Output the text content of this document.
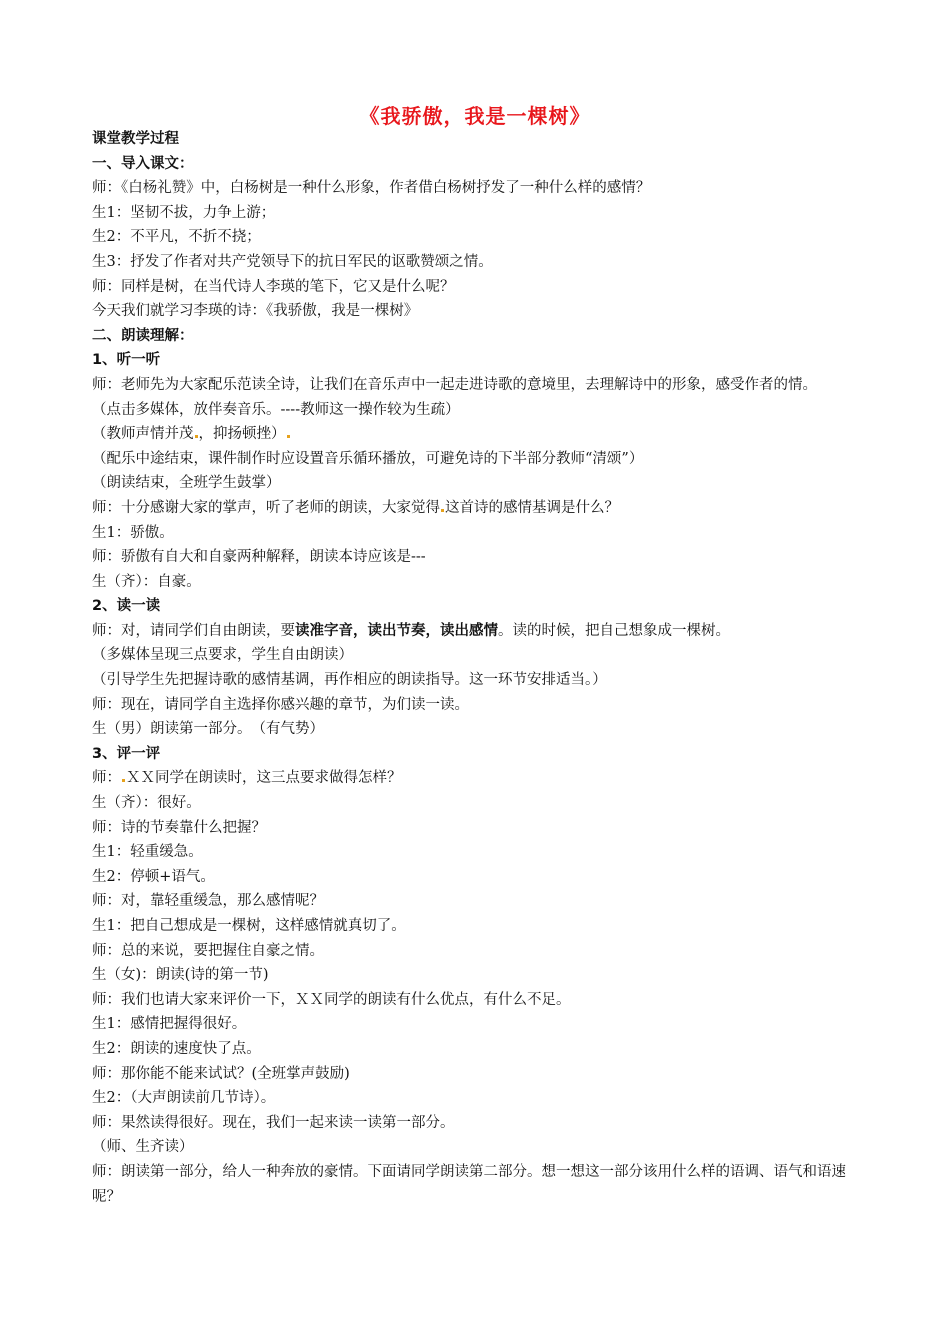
《我骄傲，我是一棵树》
课堂教学过程
一、导入课文：
师：《白杨礼赞》中，白杨树是一种什么形象，作者借白杨树抒发了一种什么样的感情？
生1：坚韧不拔，力争上游；
生2：不平凡，不折不挠；
生3：抒发了作者对共产党领导下的抗日军民的讴歌赞颂之情。
师：同样是树，在当代诗人李瑛的笔下，它又是什么呢？
今天我们就学习李瑛的诗：《我骄傲，我是一棵树》
二、朗读理解：
1、听一听
师：老师先为大家配乐范读全诗，让我们在音乐声中一起走进诗歌的意境里，去理解诗中的形象，感受作者的情。
（点击多媒体，放伴奏音乐。----教师这一操作较为生疏）
（教师声情并茂 ，抑扬顿挫）
（配乐中途结束，课件制作时应设置音乐循环播放，可避免诗的下半部分教师“清颂”）
（朗读结束，全班学生鼓掌）
师：十分感谢大家的掌声，听了老师的朗读，大家觉得 这首诗的感情基调是什么？
生1：骄傲。
师：骄傲有自大和自豪两种解释，朗读本诗应该是---
生（齐）：自豪。
2、读一读
师：对，请同学们自由朗读，要读准字音，读出节奏，读出感情。读的时候，把自己想象成一棵树。
（多媒体呈现三点要求，学生自由朗读）
（引导学生先把握诗歌的感情基调，再作相应的朗读指导。这一环节安排适当。）
师：现在，请同学自主选择你感兴趣的章节，为们读一读。
生（男）朗读第一部分。　（有气势）
3、评一评
师： ＸＸ同学在朗读时，这三点要求做得怎样？
生（齐）：很好。
师：诗的节奏靠什么把握？
生1：轻重缓急。
生2：停顿+语气。
师：对，靠轻重缓急，那么感情呢？
生1：把自己想成是一棵树，这样感情就真切了。
师：总的来说，要把握住自豪之情。
生（女)：朗读(诗的第一节)
师：我们也请大家来评价一下，ＸＸ同学的朗读有什么优点，有什么不足。
生1：感情把握得很好。
生2：朗读的速度快了点。
师：那你能不能来试试？(全班掌声鼓励)
生2：（大声朗读前几节诗）。
师：果然读得很好。现在，我们一起来读一读第一部分。
（师、生齐读）
师：朗读第一部分，给人一种奔放的豪情。下面请同学朗读第二部分。想一想这一部分该用什么样的语调、语气和语速呢？
